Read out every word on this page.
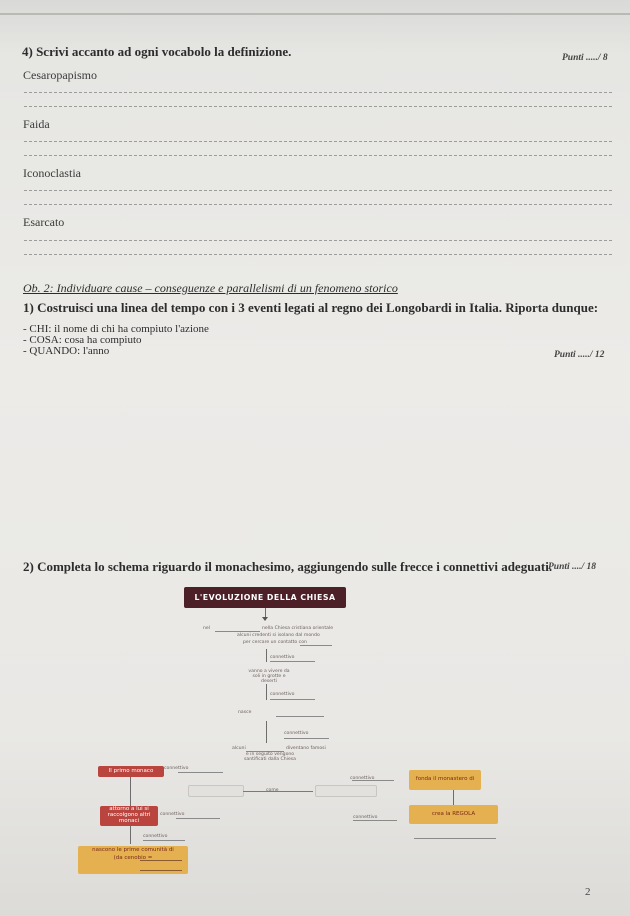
4) Scrivi accanto ad ogni vocabolo la definizione.	Punti ...../ 8
Cesaropapismo
Faida
Iconoclastia
Esarcato
Ob. 2: Individuare cause – conseguenze e parallelismi di un fenomeno storico
1) Costruisci una linea del tempo con i 3 eventi legati al regno dei Longobardi in Italia. Riporta dunque:
- CHI: il nome di chi ha compiuto l'azione
- COSA: cosa ha compiuto
- QUANDO: l'anno	Punti ...../ 12
2) Completa lo schema riguardo il monachesimo, aggiungendo sulle frecce i connettivi adeguati.
Punti ..../ 18
L'EVOLUZIONE DELLA CHIESA
nel	nella Chiesa cristiana orientale
alcuni credenti si isolano dal mondo
per cercare un contatto con
connettivo
vanno a vivere da soli in grotte e deserti
connettivo
nasce
connettivo
alcuni	diventano famosi
e in seguito vengono santificati dalla Chiesa
Il primo monaco	connettivo
connettivo	fonda il monastero di
attorno a lui si raccolgono altri monaci
connettivo
connettivo
crea la REGOLA
connettivo
nascono le prime comunità di
(da cenobio =
2
